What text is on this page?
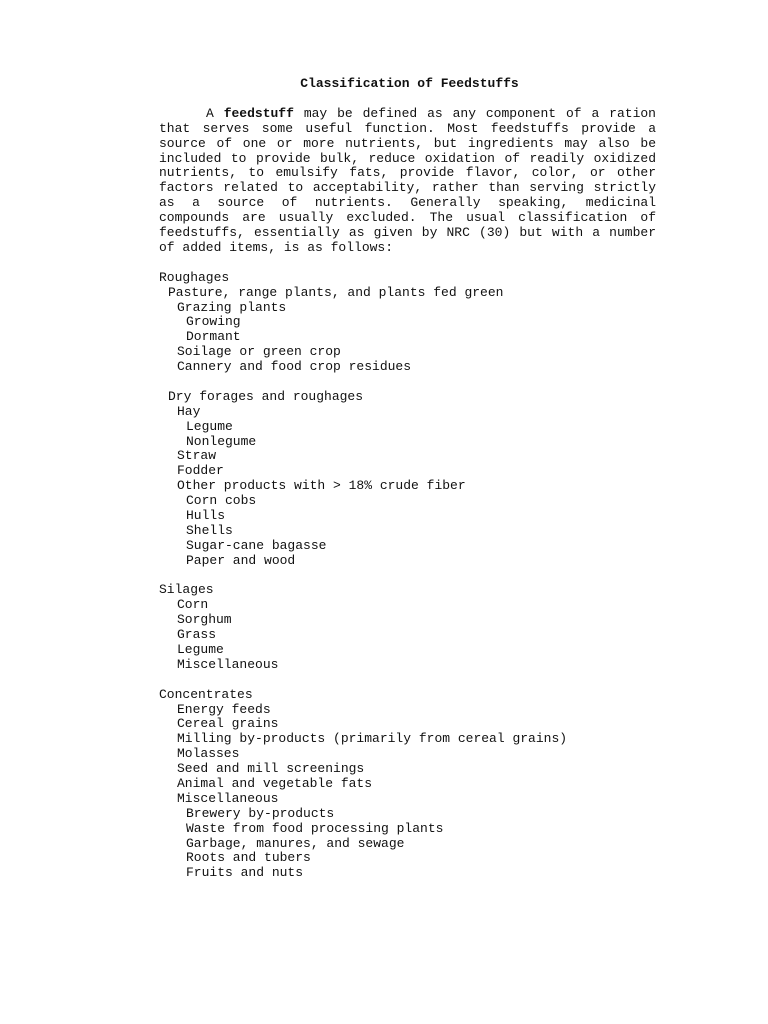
Classification of Feedstuffs

A feedstuff may be defined as any component of a ration that serves some useful function. Most feedstuffs provide a source of one or more nutrients, but ingredients may also be included to provide bulk, reduce oxidation of readily oxidized nutrients, to emulsify fats, provide flavor, color, or other factors related to acceptability, rather than serving strictly as a source of nutrients. Generally speaking, medicinal compounds are usually excluded. The usual classification of feedstuffs, essentially as given by NRC (30) but with a number of added items, is as follows:

Roughages
Pasture, range plants, and plants fed green
Grazing plants
Growing
Dormant
Soilage or green crop
Cannery and food crop residues
Dry forages and roughages
Hay
Legume
Nonlegume
Straw
Fodder
Other products with > 18% crude fiber
Corn cobs
Hulls
Shells
Sugar-cane bagasse
Paper and wood
Silages
Corn
Sorghum
Grass
Legume
Miscellaneous
Concentrates
Energy feeds
Cereal grains
Milling by-products (primarily from cereal grains)
Molasses
Seed and mill screenings
Animal and vegetable fats
Miscellaneous
Brewery by-products
Waste from food processing plants
Garbage, manures, and sewage
Roots and tubers
Fruits and nuts
